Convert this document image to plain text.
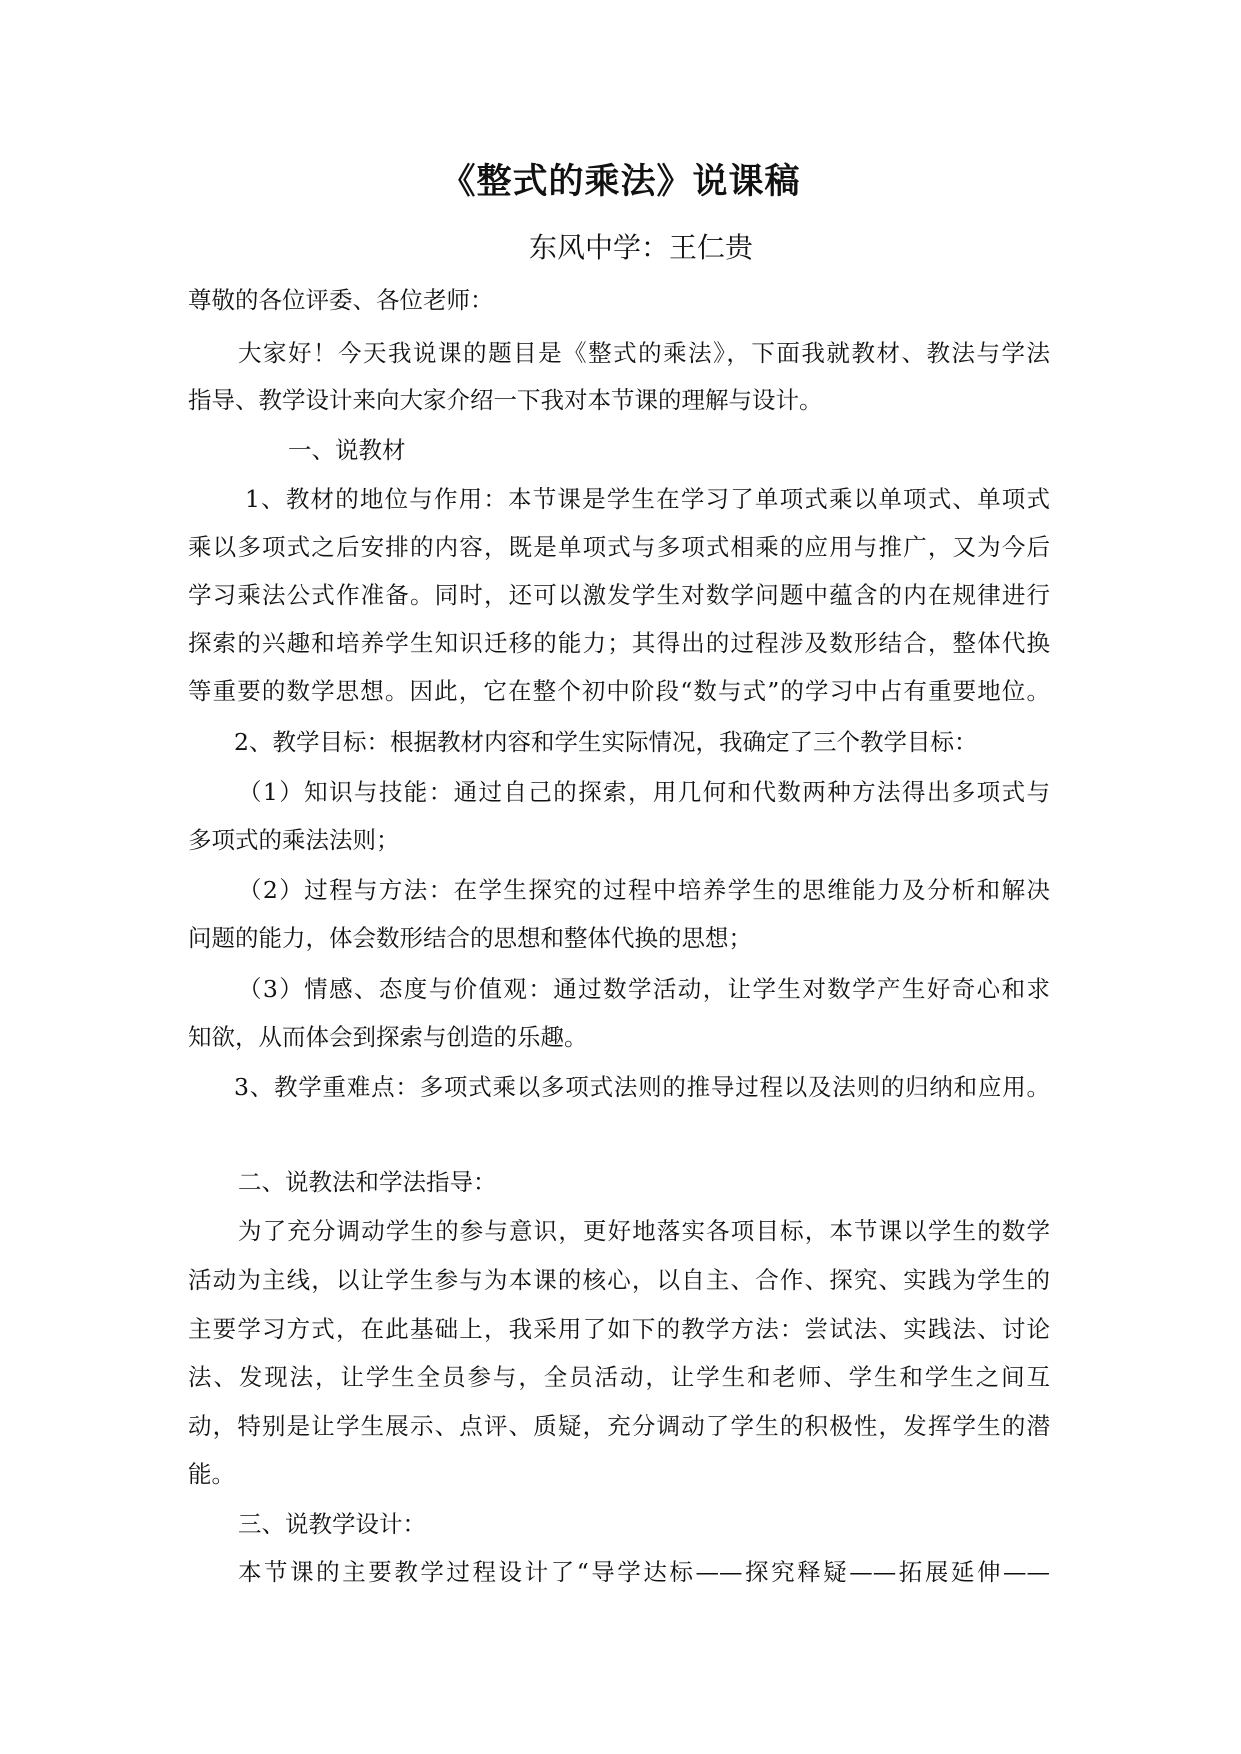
《整式的乘法》说课稿
东风中学：王仁贵
尊敬的各位评委、各位老师：
大家好！今天我说课的题目是《整式的乘法》，下面我就教材、教法与学法
指导、教学设计来向大家介绍一下我对本节课的理解与设计。
一、说教材
1、教材的地位与作用：本节课是学生在学习了单项式乘以单项式、单项式
乘以多项式之后安排的内容，既是单项式与多项式相乘的应用与推广，又为今后
学习乘法公式作准备。同时，还可以激发学生对数学问题中蕴含的内在规律进行
探索的兴趣和培养学生知识迁移的能力；其得出的过程涉及数形结合，整体代换
等重要的数学思想。因此，它在整个初中阶段“数与式”的学习中占有重要地位。
2、教学目标：根据教材内容和学生实际情况，我确定了三个教学目标：
（1）知识与技能：通过自己的探索，用几何和代数两种方法得出多项式与
多项式的乘法法则；
（2）过程与方法：在学生探究的过程中培养学生的思维能力及分析和解决
问题的能力，体会数形结合的思想和整体代换的思想；
（3）情感、态度与价值观：通过数学活动，让学生对数学产生好奇心和求
知欲，从而体会到探索与创造的乐趣。
3、教学重难点：多项式乘以多项式法则的推导过程以及法则的归纳和应用。
二、说教法和学法指导：
为了充分调动学生的参与意识，更好地落实各项目标，本节课以学生的数学
活动为主线，以让学生参与为本课的核心，以自主、合作、探究、实践为学生的
主要学习方式，在此基础上，我采用了如下的教学方法：尝试法、实践法、讨论
法、发现法，让学生全员参与，全员活动，让学生和老师、学生和学生之间互
动，特别是让学生展示、点评、质疑，充分调动了学生的积极性，发挥学生的潜
能。
三、说教学设计：
本节课的主要教学过程设计了“导学达标——探究释疑——拓展延伸——
